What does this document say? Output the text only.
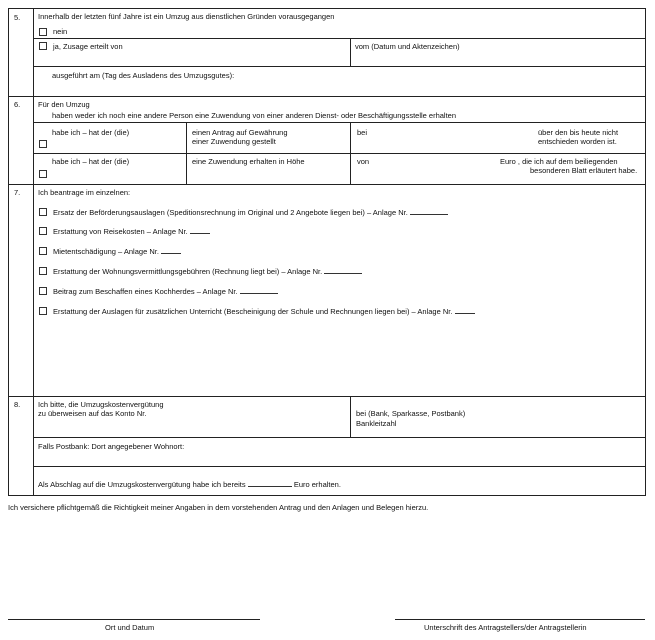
5. Innerhalb der letzten fünf Jahre ist ein Umzug aus dienstlichen Gründen vorausgegangen
nein
ja, Zusage erteilt von	vom (Datum und Aktenzeichen)
ausgeführt am (Tag des Ausladens des Umzugsgutes):
6. Für den Umzug
haben weder ich noch eine andere Person eine Zuwendung von einer anderen Dienst- oder Beschäftigungsstelle erhalten
habe ich – hat der (die)	einen Antrag auf Gewährung
einer Zuwendung gestellt
bei	über den bis heute nicht
entschieden worden ist.
habe ich – hat der (die)	eine Zuwendung erhalten in Höhe	von	Euro , die ich auf dem beiliegenden
besonderen Blatt erläutert habe.
7. Ich beantrage im einzelnen:
Ersatz der Beförderungsauslagen (Speditionsrechnung im Original und 2 Angebote liegen bei) – Anlage Nr.
Erstattung von Reisekosten – Anlage Nr.
Mietentschädigung – Anlage Nr.
Erstattung der Wohnungsvermittlungsgebühren (Rechnung liegt bei) – Anlage Nr.
Beitrag zum Beschaffen eines Kochherdes – Anlage Nr.
Erstattung der Auslagen für zusätzlichen Unterricht (Bescheinigung der Schule und Rechnungen liegen bei) – Anlage Nr.
8. Ich bitte, die Umzugskostenvergütung
zu überweisen auf das Konto Nr.	bei (Bank, Sparkasse, Postbank)
Bankleitzahl
Falls Postbank: Dort angegebener Wohnort:
Als Abschlag auf die Umzugskostenvergütung habe ich bereits	Euro erhalten.
Ich versichere pflichtgemäß die Richtigkeit meiner Angaben in dem vorstehenden Antrag und den Anlagen und Belegen hierzu.
Ort und Datum	Unterschrift des Antragstellers/der Antragstellerin
